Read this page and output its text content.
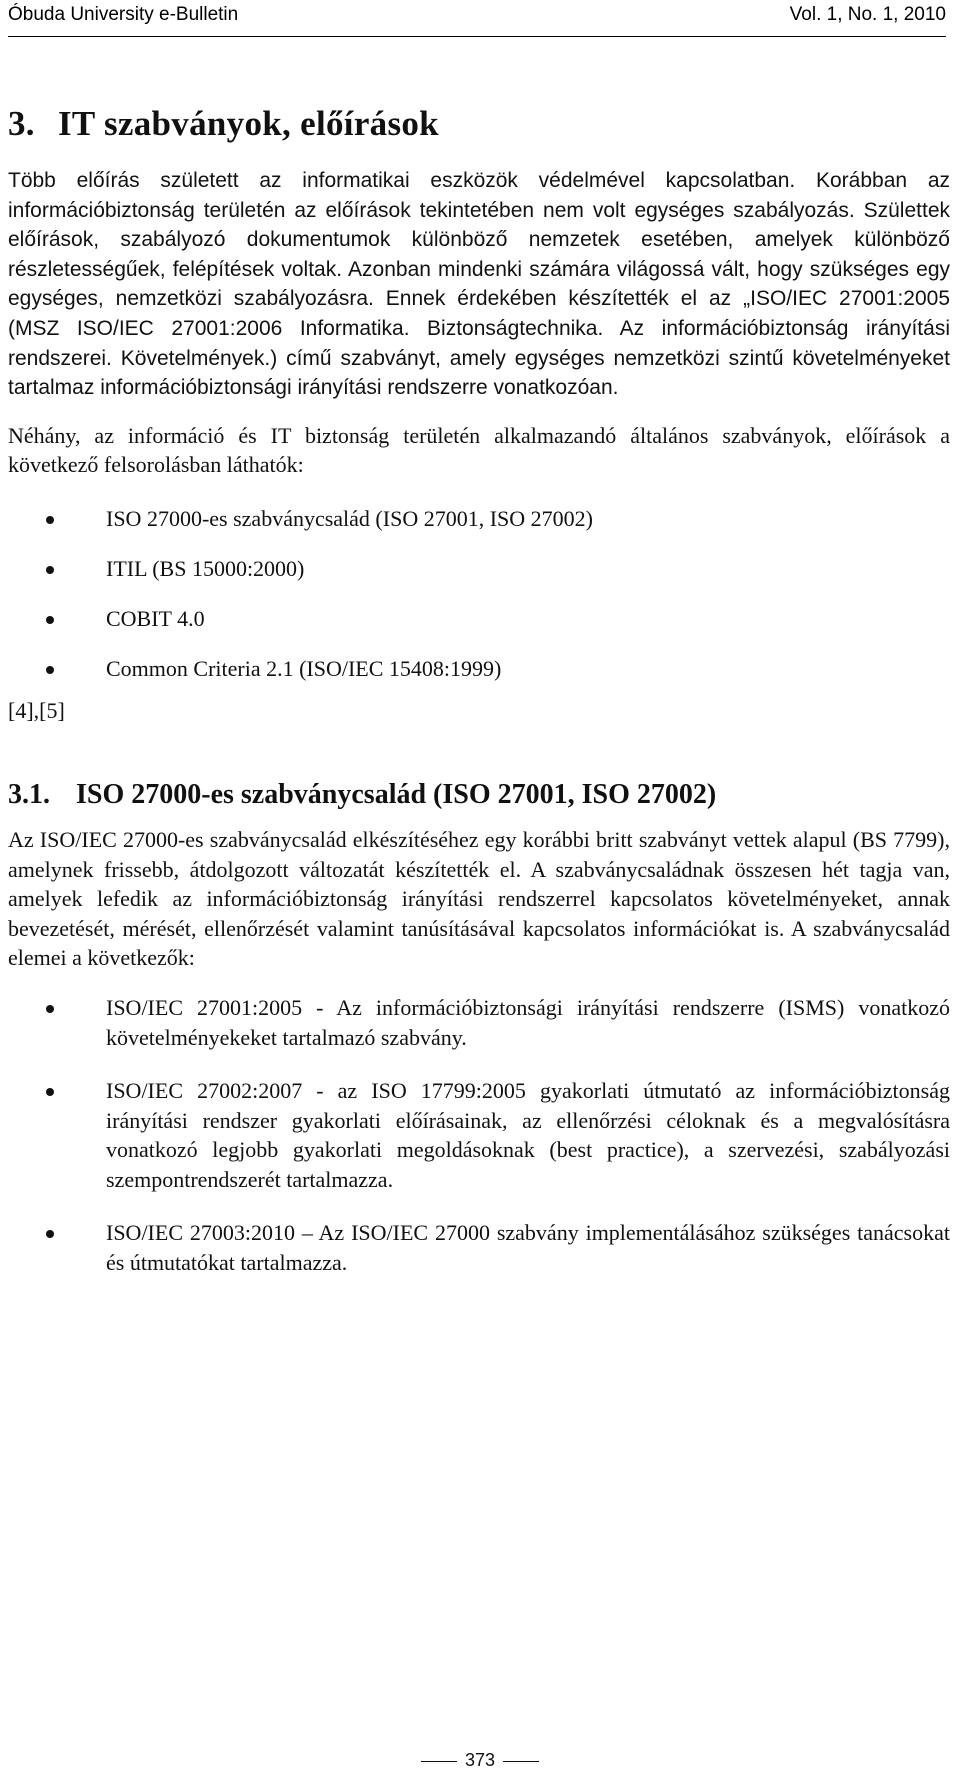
Óbuda University e-Bulletin	Vol. 1, No. 1, 2010
3. IT szabványok, előírások

Több előírás született az informatikai eszközök védelmével kapcsolatban. Korábban az információbiztonság területén az előírások tekintetében nem volt egységes szabályozás. Születtek előírások, szabályozó dokumentumok különböző nemzetek esetében, amelyek különböző részletességűek, felépítések voltak. Azonban mindenki számára világossá vált, hogy szükséges egy egységes, nemzetközi szabályozásra. Ennek érdekében készítették el az „ISO/IEC 27001:2005 (MSZ ISO/IEC 27001:2006 Informatika. Biztonságtechnika. Az információbiztonság irányítási rendszerei. Követelmények.) című szabványt, amely egységes nemzetközi szintű követelményeket tartalmaz információbiztonsági irányítási rendszerre vonatkozóan.

Néhány, az információ és IT biztonság területén alkalmazandó általános szabványok, előírások a következő felsorolásban láthatók:

ISO 27000-es szabványcsalád (ISO 27001, ISO 27002)
ITIL (BS 15000:2000)
COBIT 4.0
Common Criteria 2.1 (ISO/IEC 15408:1999)
[4],[5]
3.1. ISO 27000-es szabványcsalád (ISO 27001, ISO 27002)

Az ISO/IEC 27000-es szabványcsalád elkészítéséhez egy korábbi britt szabványt vettek alapul (BS 7799), amelynek frissebb, átdolgozott változatát készítették el. A szabványcsaládnak összesen hét tagja van, amelyek lefedik az információbiztonság irányítási rendszerrel kapcsolatos követelményeket, annak bevezetését, mérését, ellenőrzését valamint tanúsításával kapcsolatos információkat is. A szabványcsalád elemei a következők:

ISO/IEC 27001:2005 - Az információbiztonsági irányítási rendszerre (ISMS) vonatkozó követelményekeket tartalmazó szabvány.
ISO/IEC 27002:2007 - az ISO 17799:2005 gyakorlati útmutató az információbiztonság irányítási rendszer gyakorlati előírásainak, az ellenőrzési céloknak és a megvalósításra vonatkozó legjobb gyakorlati megoldásoknak (best practice), a szervezési, szabályozási szempontrendszerét tartalmazza.
ISO/IEC 27003:2010 – Az ISO/IEC 27000 szabvány implementálásához szükséges tanácsokat és útmutatókat tartalmazza.
373
